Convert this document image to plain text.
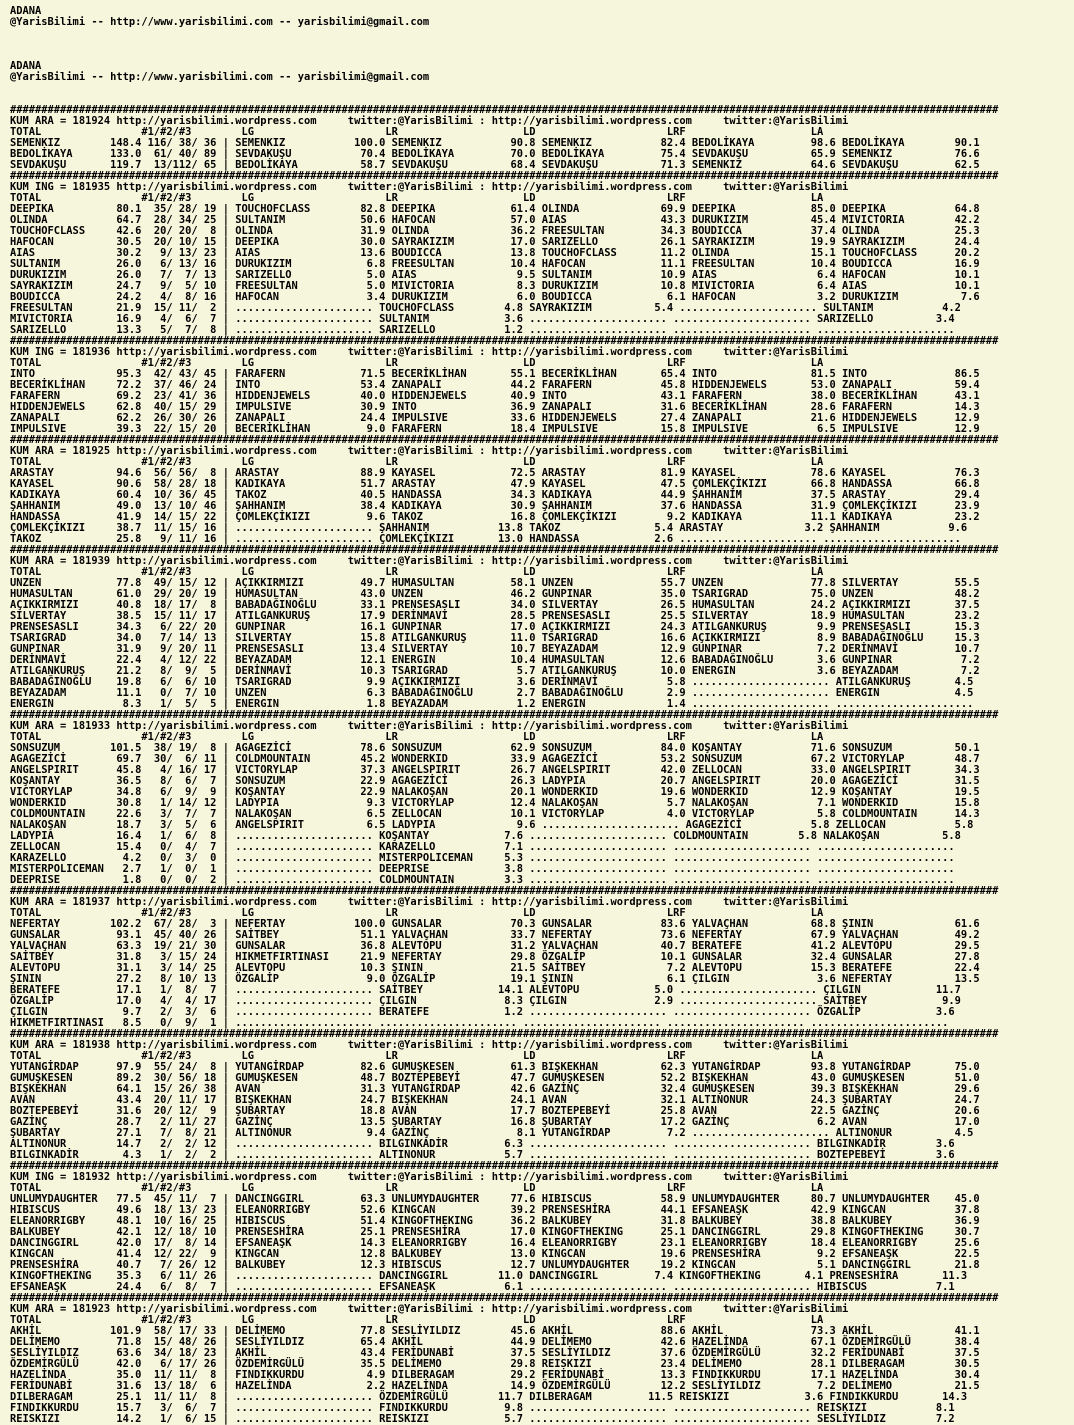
ADANA
@YarisBilimi -- http://www.yarisbilimi.com -- yarisbilimi@gmail.com

ADANA
@YarisBilimi -- http://www.yarisbilimi.com -- yarisbilimi@gmail.com

##############################################################################################################################################################
KUM ARA = 181924 http://yarisbilimi.wordpress.com     twitter:@YarisBilimi : http://yarisbilimi.wordpress.com     twitter:@YarisBilimi
TOTAL                #1/#2/#3        LG                     LR                    LD                     LRF                    LA
SEMENKIZ        148.4 116/ 38/ 36 | SEMENKIZ           100.0 SEMENKIZ           90.8 SEMENKIZ           82.4 BEDOLİKAYA         98.6 BEDOLİKAYA        90.1
BEDOLİKAYA      133.0  61/ 40/ 89 | SEVDAKUŞU           70.4 BEDOLİKAYA         70.0 BEDOLİKAYA         75.4 SEVDAKUŞU          65.9 SEMENKIZ          76.6
SEVDAKUŞU       119.7  13/112/ 65 | BEDOLİKAYA          58.7 SEVDAKUŞU          68.4 SEVDAKUŞU          71.3 SEMENKIZ           64.6 SEVDAKUŞU         62.5
##############################################################################################################################################################
KUM ING = 181935 http://yarisbilimi.wordpress.com     twitter:@YarisBilimi : http://yarisbilimi.wordpress.com     twitter:@YarisBilimi
TOTAL                #1/#2/#3        LG                     LR                    LD                     LRF                    LA
DEEPIKA          80.1  35/ 28/ 19 | TOUCHOFCLASS        82.8 DEEPIKA            61.4 OLINDA             69.9 DEEPIKA            85.0 DEEPIKA           64.8
OLINDA           64.7  28/ 34/ 25 | SULTANIM            50.6 HAFOCAN            57.0 AIAS               43.3 DURUKIZIM          45.4 MIVICTORIA        42.2
TOUCHOFCLASS     42.6  20/ 20/  8 | OLINDA              31.9 OLINDA             36.2 FREESULTAN         34.3 BOUDICCA           37.4 OLINDA            25.3
HAFOCAN          30.5  20/ 10/ 15 | DEEPIKA             30.0 SAYRAKIZIM         17.0 SARIZELLO          26.1 SAYRAKIZIM         19.9 SAYRAKIZIM        24.4
AIAS             30.2   9/ 13/ 23 | AIAS                13.6 BOUDICCA           13.8 TOUCHOFCLASS       11.2 OLINDA             15.1 TOUCHOFCLASS      20.2
SULTANIM         26.0   6/ 13/ 16 | DURUKIZIM            6.8 FREESULTAN         10.4 HAFOCAN            11.1 FREESULTAN         10.4 BOUDICCA          16.9
DURUKIZIM        26.0   7/  7/ 13 | SARIZELLO            5.0 AIAS                9.5 SULTANIM           10.9 AIAS                6.4 HAFOCAN           10.1
SAYRAKIZIM       24.7   9/  5/ 10 | FREESULTAN           5.0 MIVICTORIA          8.3 DURUKIZIM          10.8 MIVICTORIA          6.4 AIAS              10.1
BOUDICCA         24.2   4/  8/ 16 | HAFOCAN              3.4 DURUKIZIM           6.0 BOUDICCA            6.1 HAFOCAN             3.2 DURUKIZIM          7.6
FREESULTAN       21.9  15/ 11/  2 | ...................... TOUCHOFCLASS        4.8 SAYRAKIZIM          5.4 ...................... SULTANIM           4.2
MIVICTORIA       16.9   4/  6/  7 | ...................... SULTANIM            3.6 ...................... ...................... SARIZELLO          3.4
SARIZELLO        13.3   5/  7/  8 | ...................... SARIZELLO           1.2 ...................... ...................... ......................
##############################################################################################################################################################
KUM ING = 181936 http://yarisbilimi.wordpress.com     twitter:@YarisBilimi : http://yarisbilimi.wordpress.com     twitter:@YarisBilimi
TOTAL                #1/#2/#3        LG                     LR                    LD                     LRF                    LA
INTO             95.3  42/ 43/ 45 | FARAFERN            71.5 BECERİKLİHAN       55.1 BECERİKLİHAN       65.4 INTO               81.5 INTO              86.5
BECERİKLİHAN     72.2  37/ 46/ 24 | INTO                53.4 ZANAPALI           44.2 FARAFERN           45.8 HIDDENJEWELS       53.0 ZANAPALI          59.4
FARAFERN         69.2  23/ 41/ 36 | HIDDENJEWELS        40.0 HIDDENJEWELS       40.9 INTO               43.1 FARAFERN           38.0 BECERİKLİHAN      43.1
HIDDENJEWELS     62.8  40/ 15/ 29 | IMPULSIVE           30.9 INTO               36.9 ZANAPALI           31.6 BECERİKLİHAN       28.6 FARAFERN          14.3
ZANAPALI         62.2  26/ 30/ 26 | ZANAPALI            24.4 IMPULSIVE          33.6 HIDDENJEWELS       27.4 ZANAPALI           21.6 HIDDENJEWELS      12.9
IMPULSIVE        39.3  22/ 15/ 20 | BECERİKLİHAN         9.0 FARAFERN           18.4 IMPULSIVE          15.8 IMPULSIVE           6.5 IMPULSIVE         12.9
##############################################################################################################################################################
KUM ARA = 181925 http://yarisbilimi.wordpress.com     twitter:@YarisBilimi : http://yarisbilimi.wordpress.com     twitter:@YarisBilimi
TOTAL                #1/#2/#3        LG                     LR                    LD                     LRF                    LA
ARASTAY          94.6  56/ 56/  8 | ARASTAY             88.9 KAYASEL            72.5 ARASTAY            81.9 KAYASEL            78.6 KAYASEL           76.3
KAYASEL          90.6  58/ 28/ 18 | KADIKAYA            51.7 ARASTAY            47.9 KAYASEL            47.5 ÇOMLEKÇİKIZI       66.8 HANDASSA          66.8
KADIKAYA         60.4  10/ 36/ 45 | TAKOZ               40.5 HANDASSA           34.3 KADIKAYA           44.9 ŞAHHANİM           37.5 ARASTAY           29.4
ŞAHHANIM         49.0  13/ 10/ 46 | ŞAHHANIM            38.4 KADIKAYA           30.9 ŞAHHANIM           37.6 HANDASSA           31.9 ÇOMLEKÇİKIZI      23.9
HANDASSA         41.9  14/ 15/ 22 | ÇOMLEKÇİKIZI         9.6 TAKOZ              16.8 ÇOMLEKÇİKIZI        9.2 KADIKAYA           11.1 KADIKAYA          23.2
ÇOMLEKÇİKIZI     38.7  11/ 15/ 16 | ...................... ŞAHHANIM           13.8 TAKOZ               5.4 ARASTAY             3.2 ŞAHHANIM           9.6
TAKOZ            25.8   9/ 11/ 16 | ...................... ÇOMLEKÇİKIZI       13.0 HANDASSA            2.6 ...................... ......................
##############################################################################################################################################################
KUM ARA = 181939 http://yarisbilimi.wordpress.com     twitter:@YarisBilimi : http://yarisbilimi.wordpress.com     twitter:@YarisBilimi
TOTAL                #1/#2/#3        LG                     LR                    LD                     LRF                    LA
UNZEN            77.8  49/ 15/ 12 | AÇIKKIRMIZI         49.7 HUMASULTAN         58.1 UNZEN              55.7 UNZEN              77.8 SILVERTAY         55.5
HUMASULTAN       61.0  29/ 20/ 19 | HUMASULTAN          43.0 UNZEN              46.2 GUNPINAR           35.0 TSARIGRAD          75.0 UNZEN             48.2
AÇIKKIRMIZI      40.8  18/ 17/  8 | BABADAĞINOĞLU       33.1 PRENSESASLI        34.0 SILVERTAY          26.5 HUMASULTAN         24.2 AÇIKKIRMIZI       37.5
SILVERTAY        38.5  15/ 11/ 17 | ATILGANKURUŞ        17.9 DERİNMAVİ          28.5 PRENSESASLI        25.5 SILVERTAY          18.9 HUMASULTAN        23.2
PRENSESASLI      34.3   6/ 22/ 20 | GUNPINAR            16.1 GUNPINAR           17.0 AÇIKKIRMIZI        24.3 ATILGANKURUŞ        9.9 PRENSESASLI       15.3
TSARIGRAD        34.0   7/ 14/ 13 | SILVERTAY           15.8 ATILGANKURUŞ       11.0 TSARIGRAD          16.6 AÇIKKIRMIZI         8.9 BABADAĞINOĞLU     15.3
GUNPINAR         31.9   9/ 20/ 11 | PRENSESASLI         13.4 SILVERTAY          10.7 BEYAZADAM          12.9 GUNPINAR            7.2 DERİNMAVİ         10.7
DERİNMAVİ        22.4   4/ 12/ 22 | BEYAZADAM           12.1 ENERGIN            10.4 HUMASULTAN         12.6 BABADAĞINOĞLU       3.6 GUNPINAR           7.2
ATILGANKURUŞ     21.2   8/  9/  5 | DERİNMAVİ           10.3 TSARIGRAD           5.7 ATILGANKURUŞ       10.0 ENERGIN             3.6 BEYAZADAM          7.2
BABADAĞINOĞLU    19.8   6/  6/ 10 | TSARIGRAD            9.9 AÇIKKIRMIZI         3.6 DERİNMAVİ           5.8 ...................... ATILGANKURUŞ       4.5
BEYAZADAM        11.1   0/  7/ 10 | UNZEN                6.3 BABADAĞINOĞLU       2.7 BABADAĞINOĞLU       2.9 ...................... ENERGIN            4.5
ENERGIN           8.3   1/  5/  5 | ENERGIN              1.8 BEYAZADAM           1.2 ENERGIN             1.4 ...................... ......................
##############################################################################################################################################################
KUM ARA = 181933 http://yarisbilimi.wordpress.com     twitter:@YarisBilimi : http://yarisbilimi.wordpress.com     twitter:@YarisBilimi
TOTAL                #1/#2/#3        LG                     LR                    LD                     LRF                    LA
SONSUZUM        101.5  38/ 19/  8 | AGAGEZİCİ           78.6 SONSUZUM           62.9 SONSUZUM           84.0 KOŞANTAY           71.6 SONSUZUM          50.1
AGAGEZİCİ        69.7  30/  6/ 11 | COLDMOUNTAIN        45.2 WONDERKID          33.9 AGAGEZİCİ          53.2 SONSUZUM           67.2 VICTORYLAP        48.7
ANGELSPIRIT      45.8   4/ 16/ 17 | VICTORYLAP          37.3 ANGELSPIRIT        26.7 ANGELSPIRIT        42.0 ZELLOCAN           33.0 ANGELSPIRIT       34.3
KOŞANTAY         36.5   8/  6/  7 | SONSUZUM            22.9 AGAGEZİCİ          26.3 LADYPIA            20.7 ANGELSPIRIT        20.0 AGAGEZİCİ         31.5
VICTORYLAP       34.8   6/  9/  9 | KOŞANTAY            22.9 NALAKOŞAN          20.1 WONDERKID          19.6 WONDERKID          12.9 KOŞANTAY          19.5
WONDERKID        30.8   1/ 14/ 12 | LADYPIA              9.3 VICTORYLAP         12.4 NALAKOŞAN           5.7 NALAKOŞAN           7.1 WONDERKID         15.8
COLDMOUNTAIN     22.6   3/  7/  7 | NALAKOŞAN            6.5 ZELLOCAN           10.1 VICTORYLAP          4.0 VICTORYLAP          5.8 COLDMOUNTAIN      14.3
NALAKOŞAN        18.7   3/  5/  6 | ANGELSPIRIT          6.5 LADYPIA             9.6 ...................... AGAGEZİCİ           5.8 ZELLOCAN           5.8
LADYPIA          16.4   1/  6/  8 | ...................... KOŞANTAY            7.6 ...................... COLDMOUNTAIN        5.8 NALAKOŞAN          5.8
ZELLOCAN         15.4   0/  4/  7 | ...................... KARAZELLO           7.1 ...................... ...................... ......................
KARAZELLO         4.2   0/  3/  0 | ...................... MISTERPOLICEMAN     5.3 ...................... ...................... ......................
MISTERPOLICEMAN   2.7   1/  0/  1 | ...................... DEEPRISE            3.8 ...................... ...................... ......................
DEEPRISE          1.8   0/  0/  2 | ...................... COLDMOUNTAIN        3.3 ...................... ...................... ......................
##############################################################################################################################################################
KUM ARA = 181937 http://yarisbilimi.wordpress.com     twitter:@YarisBilimi : http://yarisbilimi.wordpress.com     twitter:@YarisBilimi
TOTAL                #1/#2/#3        LG                     LR                    LD                     LRF                    LA
NEFERTAY        102.2  67/ 28/  3 | NEFERTAY           100.0 GUNSALAR           70.3 GUNSALAR           83.6 YALVAÇHAN          68.8 ŞININ             61.6
GUNSALAR         93.1  45/ 40/ 26 | SAİTBEY             51.1 YALVAÇHAN          33.7 NEFERTAY           73.6 NEFERTAY           67.9 YALVAÇHAN         49.2
YALVAÇHAN        63.3  19/ 21/ 30 | GUNSALAR            36.8 ALEVTOPU           31.2 YALVAÇHAN          40.7 BERATEFE           41.2 ALEVTOPU          29.5
SAİTBEY          31.8   3/ 15/ 24 | HIKMETFIRTINASI     21.9 NEFERTAY           29.8 ÖZGALİP            10.1 GUNSALAR           32.4 GUNSALAR          27.8
ALEVTOPU         31.1   3/ 14/ 25 | ALEVTOPU            10.3 ŞININ              21.5 SAİTBEY             7.2 ALEVTOPU           15.3 BERATEFE          22.4
ŞININ            27.2   8/ 10/ 13 | ÖZGALİP              9.0 ÖZGALİP            19.1 ŞININ               6.1 ÇILGIN              3.6 NEFERTAY          13.5
BERATEFE         17.1   1/  8/  7 | ...................... SAİTBEY            14.1 ALEVTOPU            5.0 ...................... ÇILGIN            11.7
ÖZGALİP          17.0   4/  4/ 17 | ...................... ÇILGIN              8.3 ÇILGIN              2.9 ...................... SAİTBEY            9.9
ÇILGIN            9.7   2/  3/  6 | ...................... BERATEFE            1.2 ...................... ...................... ÖZGALİP            3.6
HIKMETFIRTINASI   8.5   0/  9/  1 | ...................... ...................... ...................... ...................... ......................
##############################################################################################################################################################
KUM ARA = 181938 http://yarisbilimi.wordpress.com     twitter:@YarisBilimi : http://yarisbilimi.wordpress.com     twitter:@YarisBilimi
TOTAL                #1/#2/#3        LG                     LR                    LD                     LRF                    LA
YUTANGİRDAP      97.9  55/ 24/  8 | YUTANGİRDAP         82.6 GUMUŞKESEN         61.3 BIŞKEKHAN          62.3 YUTANGİRDAP        93.8 YUTANGİRDAP       75.0
GUMUŞKESEN       89.2  30/ 56/ 18 | GUMUŞKESEN          48.7 BOZTEPEBEYİ        47.7 GUMUŞKESEN         52.2 BIŞKEKHAN          43.0 GUMUŞKESEN        51.0
BIŞKEKHAN        64.1  15/ 26/ 38 | AVAN                31.3 YUTANGİRDAP        42.6 GAZİNÇ             32.4 GUMUŞKESEN         39.3 BIŞKEKHAN         29.6
AVAN             43.4  20/ 11/ 17 | BIŞKEKHAN           24.7 BIŞKEKHAN          24.1 AVAN               32.1 ALTINONUR          24.3 ŞUBARTAY          24.7
BOZTEPEBEYİ      31.6  20/ 12/  9 | ŞUBARTAY            18.8 AVAN               17.7 BOZTEPEBEYİ        25.8 AVAN               22.5 GAZİNÇ            20.6
GAZİNÇ           28.7   2/ 11/ 27 | GAZİNÇ              13.5 ŞUBARTAY           16.8 ŞUBARTAY           17.2 GAZİNÇ              6.2 AVAN              17.0
ŞUBARTAY         27.1   7/  8/ 21 | ALTINONUR            9.4 GAZİNÇ              8.1 YUTANGİRDAP         7.2 ...................... ALTINONUR          4.5
ALTINONUR        14.7   2/  2/ 12 | ...................... BILGINKADİR         6.3 ...................... ...................... BILGINKADİR        3.6
BILGINKADİR       4.3   1/  2/  2 | ...................... ALTINONUR           5.7 ...................... ...................... BOZTEPEBEYİ        3.6
##############################################################################################################################################################
KUM ING = 181932 http://yarisbilimi.wordpress.com     twitter:@YarisBilimi : http://yarisbilimi.wordpress.com     twitter:@YarisBilimi
TOTAL                #1/#2/#3        LG                     LR                    LD                     LRF                    LA
UNLUMYDAUGHTER   77.5  45/ 11/  7 | DANCINGGIRL         63.3 UNLUMYDAUGHTER     77.6 HIBISCUS           58.9 UNLUMYDAUGHTER     80.7 UNLUMYDAUGHTER    45.0
HIBISCUS         49.6  18/ 13/ 23 | ELEANORRIGBY        52.6 KINGCAN            39.2 PRENSESHİRA        44.1 EFSANEAŞK          42.9 KINGCAN           37.8
ELEANORRIGBY     48.1  10/ 16/ 25 | HIBISCUS            51.4 KINGOFTHEKING      36.2 BALKUBEY           31.8 BALKUBEY           38.8 BALKUBEY          36.9
BALKUBEY         42.1  12/ 18/ 10 | PRENSESHİRA         25.1 PRENSESHİRA        17.0 KINGOFTHEKING      25.1 DANCINGGIRL        29.8 KINGOFTHEKING     30.7
DANCINGGIRL      42.0  17/  8/ 14 | EFSANEAŞK           14.3 ELEANORRIGBY       16.4 ELEANORRIGBY       23.1 ELEANORRIGBY       18.4 ELEANORRIGBY      25.6
KINGCAN          41.4  12/ 22/  9 | KINGCAN             12.8 BALKUBEY           13.0 KINGCAN            19.6 PRENSESHİRA         9.2 EFSANEAŞK         22.5
PRENSESHİRA      40.7   7/ 26/ 12 | BALKUBEY            12.3 HIBISCUS           12.7 UNLUMYDAUGHTER     19.2 KINGCAN             5.1 DANCINGGIRL       21.8
KINGOFTHEKING    35.3   6/ 11/ 26 | ...................... DANCINGGIRL        11.0 DANCINGGIRL         7.4 KINGOFTHEKING       4.1 PRENSESHİRA       11.3
EFSANEAŞK        24.4   6/  8/  7 | ...................... EFSANEAŞK           6.1 ...................... ...................... HIBISCUS           7.1
##############################################################################################################################################################
KUM ARA = 181923 http://yarisbilimi.wordpress.com     twitter:@YarisBilimi : http://yarisbilimi.wordpress.com     twitter:@YarisBilimi
TOTAL                #1/#2/#3        LG                     LR                    LD                     LRF                    LA
AKHİL           101.9  58/ 17/ 33 | DELİMEMO            77.8 SESLİYILDIZ        45.6 AKHİL              88.6 AKHİL              73.3 AKHİL             41.1
DELİMEMO         71.8  15/ 48/ 26 | SESLİYILDIZ         65.4 AKHİL              44.9 DELİMEMO           42.6 HAZELİNDA          67.1 ÖZDEMİRGÜLÜ       38.4
SESLİYILDIZ      63.6  34/ 18/ 23 | AKHİL               43.4 FERİDUNABİ         37.5 SESLİYILDIZ        37.6 ÖZDEMİRGÜLÜ        32.2 FERİDUNABİ        37.5
ÖZDEMİRGÜLÜ      42.0   6/ 17/ 26 | ÖZDEMİRGÜLÜ         35.5 DELİMEMO           29.8 REISKIZI           23.4 DELİMEMO           28.1 DILBERAGAM        30.5
HAZELİNDA        35.0  11/ 11/  8 | FINDIKKURDU          4.9 DILBERAGAM         29.2 FERİDUNABİ         13.3 FINDIKKURDU        17.1 HAZELİNDA         30.4
FERİDUNABİ       31.6  13/ 18/  6 | HAZELİNDA            2.2 HAZELİNDA          14.9 ÖZDEMİRGÜLÜ        12.2 SESLİYILDIZ         7.2 DELİMEMO          21.5
DILBERAGAM       25.1  11/ 11/  8 | ...................... ÖZDEMİRGÜLÜ        11.7 DILBERAGAM         11.5 REISKIZI            3.6 FINDIKKURDU       14.3
FINDIKKURDU      15.7   3/  6/  7 | ...................... FINDIKKURDU         9.8 ...................... ...................... REISKIZI           8.1
REISKIZI         14.2   1/  6/ 15 | ...................... REISKIZI            5.7 ...................... ...................... SESLİYILDIZ        7.2
